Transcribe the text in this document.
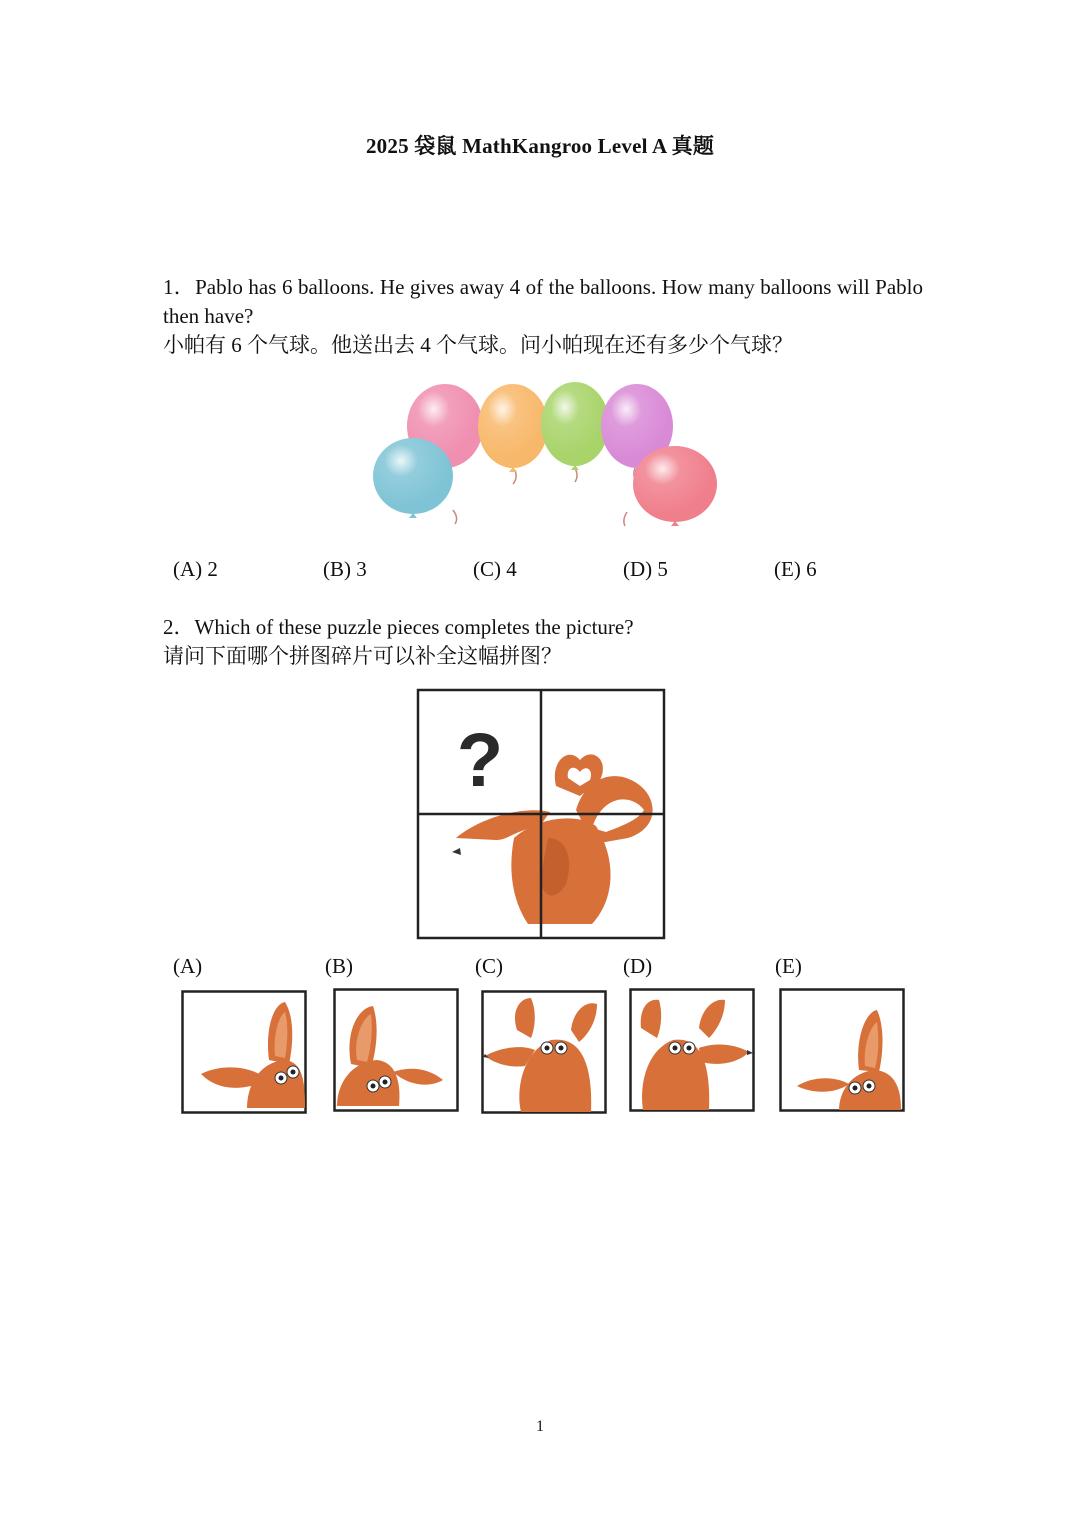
2025 袋鼠 MathKangroo Level A 真题

1．Pablo has 6 balloons. He gives away 4 of the balloons. How many balloons will Pablo then have?

小帕有 6 个气球。他送出去 4 个气球。问小帕现在还有多少个气球？

(A) 2	(B) 3	(C) 4	(D) 5	(E) 6

2．Which of these puzzle pieces completes the picture?

请问下面哪个拼图碎片可以补全这幅拼图？

?
(A)	(B)	(C)	(D)	(E)
1
